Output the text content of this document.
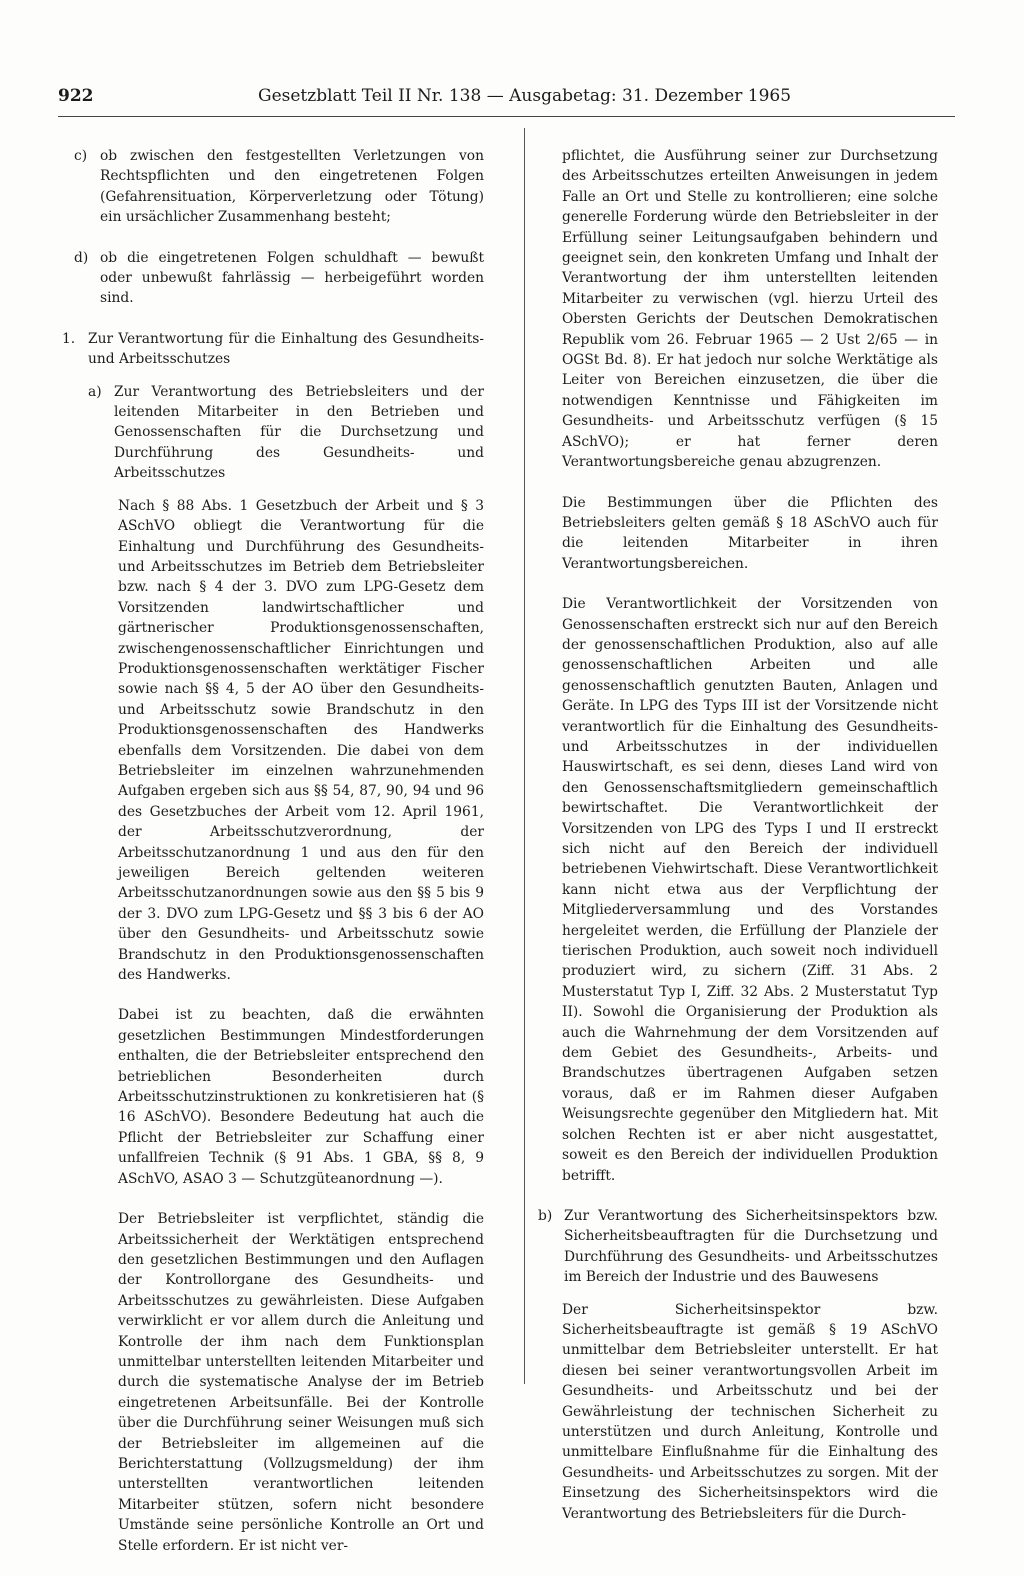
922	Gesetzblatt Teil II Nr. 138 — Ausgabetag: 31. Dezember 1965
c) ob zwischen den festgestellten Verletzungen von Rechtspflichten und den eingetretenen Folgen (Gefahrensituation, Körperverletzung oder Tötung) ein ursächlicher Zusammenhang besteht;
d) ob die eingetretenen Folgen schuldhaft — bewußt oder unbewußt fahrlässig — herbeigeführt worden sind.
1. Zur Verantwortung für die Einhaltung des Gesundheits- und Arbeitsschutzes
a) Zur Verantwortung des Betriebsleiters und der leitenden Mitarbeiter in den Betrieben und Genossenschaften für die Durchsetzung und Durchführung des Gesundheits- und Arbeitsschutzes

Nach § 88 Abs. 1 Gesetzbuch der Arbeit und § 3 ASchVO obliegt die Verantwortung für die Einhaltung und Durchführung des Gesundheits- und Arbeitsschutzes im Betrieb dem Betriebsleiter bzw. nach § 4 der 3. DVO zum LPG-Gesetz dem Vorsitzenden landwirtschaftlicher und gärtnerischer Produktionsgenossenschaften, zwischengenossenschaftlicher Einrichtungen und Produktionsgenossenschaften werktätiger Fischer sowie nach §§ 4, 5 der AO über den Gesundheits- und Arbeitsschutz sowie Brandschutz in den Produktionsgenossenschaften des Handwerks ebenfalls dem Vorsitzenden. Die dabei von dem Betriebsleiter im einzelnen wahrzunehmenden Aufgaben ergeben sich aus §§ 54, 87, 90, 94 und 96 des Gesetzbuches der Arbeit vom 12. April 1961, der Arbeitsschutzverordnung, der Arbeitsschutzanordnung 1 und aus den für den jeweiligen Bereich geltenden weiteren Arbeitsschutzanordnungen sowie aus den §§ 5 bis 9 der 3. DVO zum LPG-Gesetz und §§ 3 bis 6 der AO über den Gesundheits- und Arbeitsschutz sowie Brandschutz in den Produktionsgenossenschaften des Handwerks.

Dabei ist zu beachten, daß die erwähnten gesetzlichen Bestimmungen Mindestforderungen enthalten, die der Betriebsleiter entsprechend den betrieblichen Besonderheiten durch Arbeitsschutzinstruktionen zu konkretisieren hat (§ 16 ASchVO). Besondere Bedeutung hat auch die Pflicht der Betriebsleiter zur Schaffung einer unfallfreien Technik (§ 91 Abs. 1 GBA, §§ 8, 9 ASchVO, ASAO 3 — Schutzgüteanordnung —).

Der Betriebsleiter ist verpflichtet, ständig die Arbeitssicherheit der Werktätigen entsprechend den gesetzlichen Bestimmungen und den Auflagen der Kontrollorgane des Gesundheits- und Arbeitsschutzes zu gewährleisten. Diese Aufgaben verwirklicht er vor allem durch die Anleitung und Kontrolle der ihm nach dem Funktionsplan unmittelbar unterstellten leitenden Mitarbeiter und durch die systematische Analyse der im Betrieb eingetretenen Arbeitsunfälle. Bei der Kontrolle über die Durchführung seiner Weisungen muß sich der Betriebsleiter im allgemeinen auf die Berichterstattung (Vollzugsmeldung) der ihm unterstellten verantwortlichen leitenden Mitarbeiter stützen, sofern nicht besondere Umstände seine persönliche Kontrolle an Ort und Stelle erfordern. Er ist nicht ver-

pflichtet, die Ausführung seiner zur Durchsetzung des Arbeitsschutzes erteilten Anweisungen in jedem Falle an Ort und Stelle zu kontrollieren; eine solche generelle Forderung würde den Betriebsleiter in der Erfüllung seiner Leitungsaufgaben behindern und geeignet sein, den konkreten Umfang und Inhalt der Verantwortung der ihm unterstellten leitenden Mitarbeiter zu verwischen (vgl. hierzu Urteil des Obersten Gerichts der Deutschen Demokratischen Republik vom 26. Februar 1965 — 2 Ust 2/65 — in OGSt Bd. 8). Er hat jedoch nur solche Werktätige als Leiter von Bereichen einzusetzen, die über die notwendigen Kenntnisse und Fähigkeiten im Gesundheits- und Arbeitsschutz verfügen (§ 15 ASchVO); er hat ferner deren Verantwortungsbereiche genau abzugrenzen.

Die Bestimmungen über die Pflichten des Betriebsleiters gelten gemäß § 18 ASchVO auch für die leitenden Mitarbeiter in ihren Verantwortungsbereichen.

Die Verantwortlichkeit der Vorsitzenden von Genossenschaften erstreckt sich nur auf den Bereich der genossenschaftlichen Produktion, also auf alle genossenschaftlichen Arbeiten und alle genossenschaftlich genutzten Bauten, Anlagen und Geräte. In LPG des Typs III ist der Vorsitzende nicht verantwortlich für die Einhaltung des Gesundheits- und Arbeitsschutzes in der individuellen Hauswirtschaft, es sei denn, dieses Land wird von den Genossenschaftsmitgliedern gemeinschaftlich bewirtschaftet. Die Verantwortlichkeit der Vorsitzenden von LPG des Typs I und II erstreckt sich nicht auf den Bereich der individuell betriebenen Viehwirtschaft. Diese Verantwortlichkeit kann nicht etwa aus der Verpflichtung der Mitgliederversammlung und des Vorstandes hergeleitet werden, die Erfüllung der Planziele der tierischen Produktion, auch soweit noch individuell produziert wird, zu sichern (Ziff. 31 Abs. 2 Musterstatut Typ I, Ziff. 32 Abs. 2 Musterstatut Typ II). Sowohl die Organisierung der Produktion als auch die Wahrnehmung der dem Vorsitzenden auf dem Gebiet des Gesundheits-, Arbeits- und Brandschutzes übertragenen Aufgaben setzen voraus, daß er im Rahmen dieser Aufgaben Weisungsrechte gegenüber den Mitgliedern hat. Mit solchen Rechten ist er aber nicht ausgestattet, soweit es den Bereich der individuellen Produktion betrifft.

b) Zur Verantwortung des Sicherheitsinspektors bzw. Sicherheitsbeauftragten für die Durchsetzung und Durchführung des Gesundheits- und Arbeitsschutzes im Bereich der Industrie und des Bauwesens

Der Sicherheitsinspektor bzw. Sicherheitsbeauftragte ist gemäß § 19 ASchVO unmittelbar dem Betriebsleiter unterstellt. Er hat diesen bei seiner verantwortungsvollen Arbeit im Gesundheits- und Arbeitsschutz und bei der Gewährleistung der technischen Sicherheit zu unterstützen und durch Anleitung, Kontrolle und unmittelbare Einflußnahme für die Einhaltung des Gesundheits- und Arbeitsschutzes zu sorgen. Mit der Einsetzung des Sicherheitsinspektors wird die Verantwortung des Betriebsleiters für die Durch-
